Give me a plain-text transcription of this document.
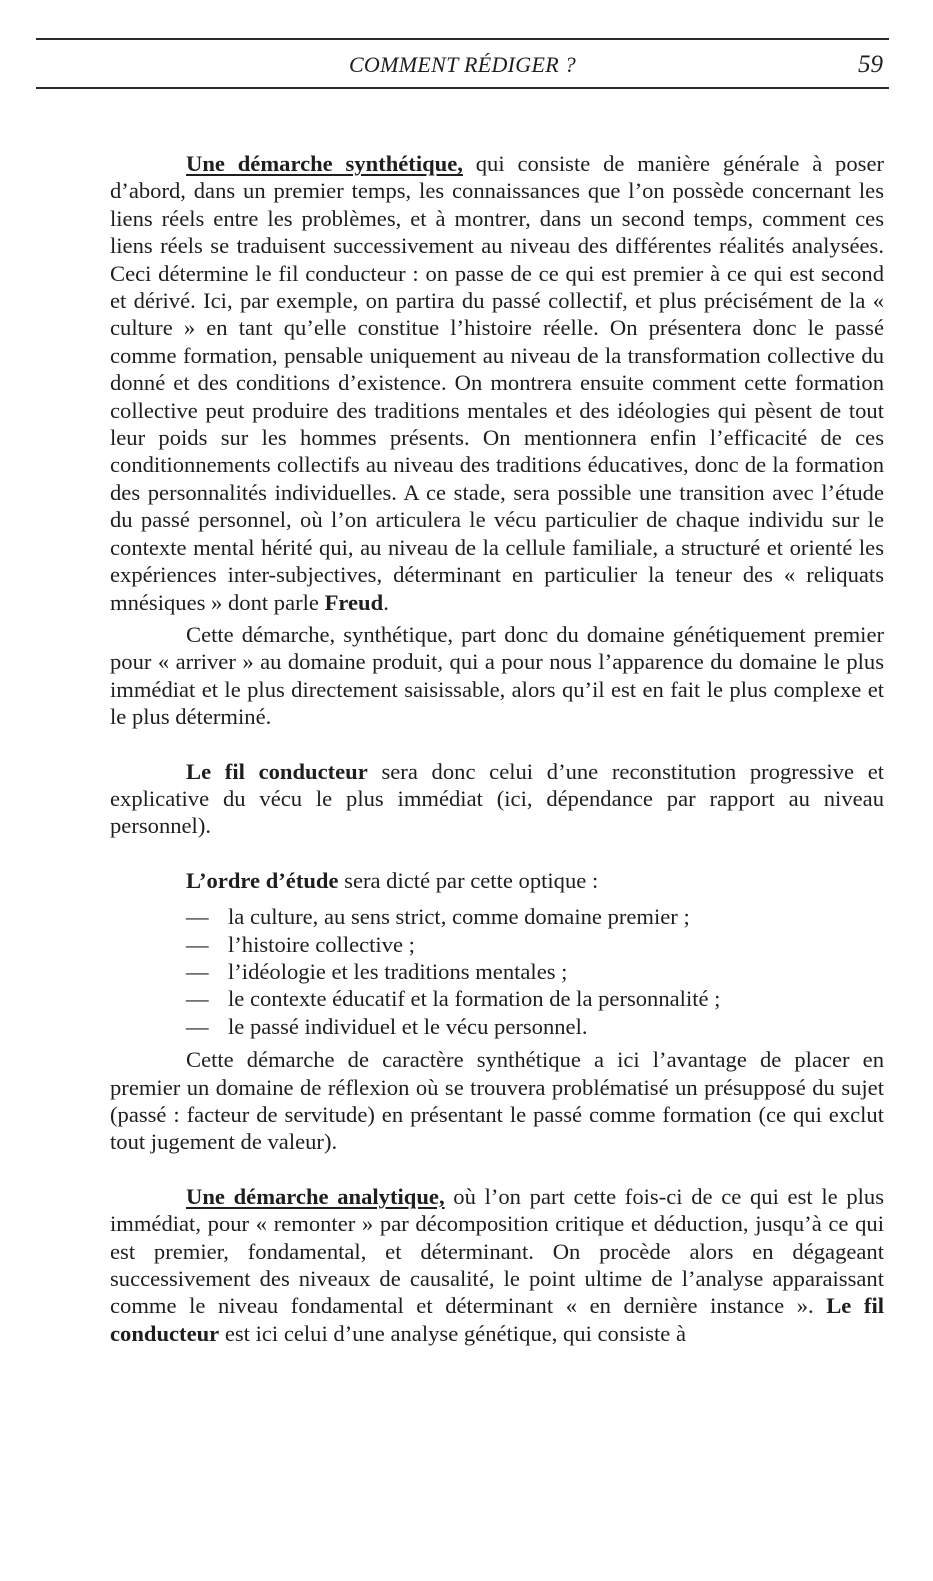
COMMENT RÉDIGER ?	59

Une démarche synthétique, qui consiste de manière générale à poser d’abord, dans un premier temps, les connaissances que l’on possède concernant les liens réels entre les problèmes, et à montrer, dans un second temps, comment ces liens réels se traduisent successivement au niveau des différentes réalités analysées. Ceci détermine le fil conducteur : on passe de ce qui est premier à ce qui est second et dérivé. Ici, par exemple, on partira du passé collectif, et plus précisément de la « culture » en tant qu’elle constitue l’histoire réelle. On présentera donc le passé comme formation, pensable uniquement au niveau de la transformation collective du donné et des conditions d’existence. On montrera ensuite comment cette formation collective peut produire des traditions mentales et des idéologies qui pèsent de tout leur poids sur les hommes présents. On mentionnera enfin l’efficacité de ces conditionnements collectifs au niveau des traditions éducatives, donc de la formation des personnalités individuelles. A ce stade, sera possible une transition avec l’étude du passé personnel, où l’on articulera le vécu particulier de chaque individu sur le contexte mental hérité qui, au niveau de la cellule familiale, a structuré et orienté les expériences inter-subjectives, déterminant en particulier la teneur des « reliquats mnésiques » dont parle Freud.

Cette démarche, synthétique, part donc du domaine génétiquement premier pour « arriver » au domaine produit, qui a pour nous l’apparence du domaine le plus immédiat et le plus directement saisissable, alors qu’il est en fait le plus complexe et le plus déterminé.

Le fil conducteur sera donc celui d’une reconstitution progressive et explicative du vécu le plus immédiat (ici, dépendance par rapport au niveau personnel).

L’ordre d’étude sera dicté par cette optique :

— la culture, au sens strict, comme domaine premier ;
— l’histoire collective ;
— l’idéologie et les traditions mentales ;
— le contexte éducatif et la formation de la personnalité ;
— le passé individuel et le vécu personnel.

Cette démarche de caractère synthétique a ici l’avantage de placer en premier un domaine de réflexion où se trouvera problématisé un présupposé du sujet (passé : facteur de servitude) en présentant le passé comme formation (ce qui exclut tout jugement de valeur).

Une démarche analytique, où l’on part cette fois-ci de ce qui est le plus immédiat, pour « remonter » par décomposition critique et déduction, jusqu’à ce qui est premier, fondamental, et déterminant. On procède alors en dégageant successivement des niveaux de causalité, le point ultime de l’analyse apparaissant comme le niveau fondamental et déterminant « en dernière instance ». Le fil conducteur est ici celui d’une analyse génétique, qui consiste à
